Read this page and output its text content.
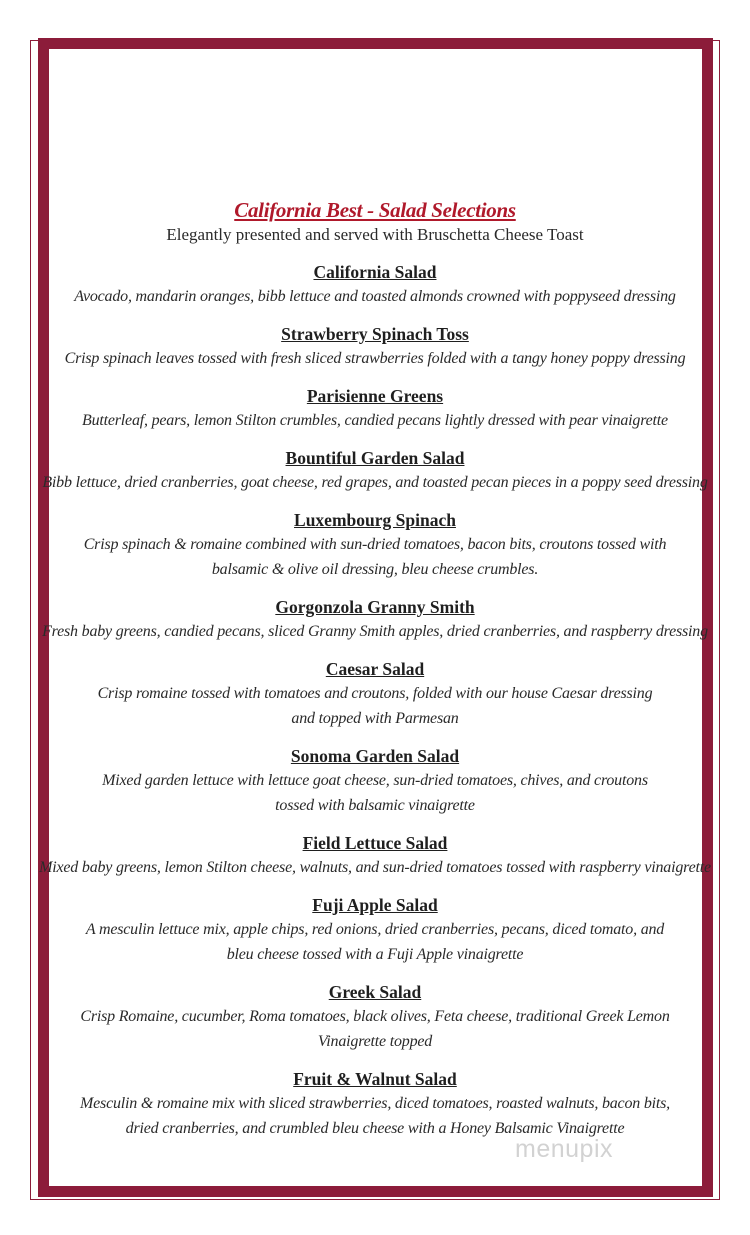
California Best - Salad Selections
Elegantly presented and served with Bruschetta Cheese Toast
California Salad
Avocado, mandarin oranges, bibb lettuce and toasted almonds crowned with poppyseed dressing
Strawberry Spinach Toss
Crisp spinach leaves tossed with fresh sliced strawberries folded with a tangy honey poppy dressing
Parisienne Greens
Butterleaf, pears, lemon Stilton crumbles, candied pecans lightly dressed with pear vinaigrette
Bountiful Garden Salad
Bibb lettuce, dried cranberries, goat cheese, red grapes, and toasted pecan pieces in a poppy seed dressing
Luxembourg Spinach
Crisp spinach & romaine combined with sun-dried tomatoes, bacon bits, croutons tossed with
balsamic & olive oil dressing, bleu cheese crumbles.
Gorgonzola Granny Smith
Fresh baby greens, candied pecans, sliced Granny Smith apples, dried cranberries, and raspberry dressing
Caesar Salad
Crisp romaine tossed with tomatoes and croutons, folded with our house Caesar dressing
and topped with Parmesan
Sonoma Garden Salad
Mixed garden lettuce with lettuce goat cheese, sun-dried tomatoes, chives, and croutons
tossed with balsamic vinaigrette
Field Lettuce Salad
Mixed baby greens, lemon Stilton cheese, walnuts, and sun-dried tomatoes tossed with raspberry vinaigrette
Fuji Apple Salad
A mesculin lettuce mix, apple chips, red onions, dried cranberries, pecans, diced tomato, and
bleu cheese tossed with a Fuji Apple vinaigrette
Greek Salad
Crisp Romaine, cucumber, Roma tomatoes, black olives, Feta cheese, traditional Greek Lemon
Vinaigrette topped
Fruit & Walnut Salad
Mesculin & romaine mix with sliced strawberries, diced tomatoes, roasted walnuts, bacon bits,
dried cranberries, and crumbled bleu cheese with a Honey Balsamic Vinaigrette
menupix
